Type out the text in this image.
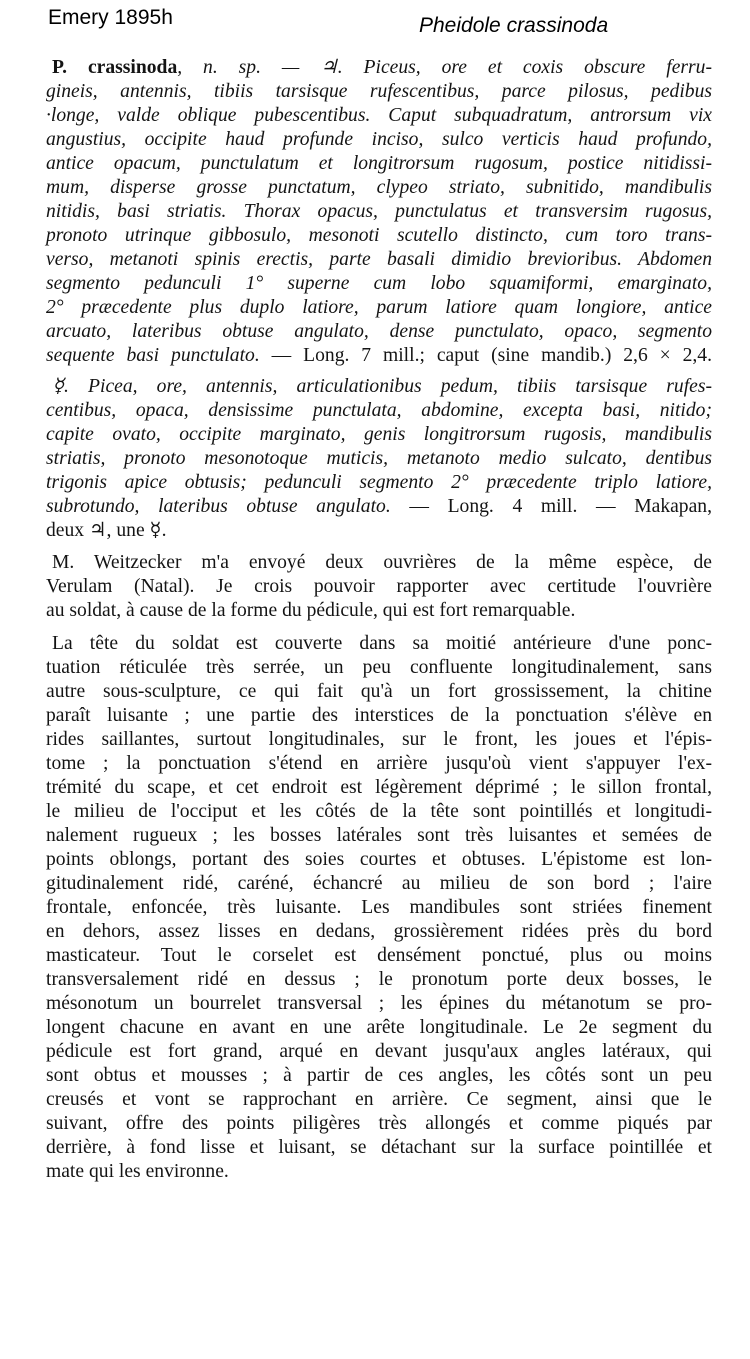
Emery 1895h	Pheidole crassinoda
P. crassinoda, n. sp. — ♃. Piceus, ore et coxis obscure ferru-
gineis, antennis, tibiis tarsisque rufescentibus, parce pilosus, pedibus
·longe, valde oblique pubescentibus. Caput subquadratum, antrorsum vix
angustius, occipite haud profunde inciso, sulco verticis haud profundo,
antice opacum, punctulatum et longitrorsum rugosum, postice nitidissi-
mum, disperse grosse punctatum, clypeo striato, subnitido, mandibulis
nitidis, basi striatis. Thorax opacus, punctulatus et transversim rugosus,
pronoto utrinque gibbosulo, mesonoti scutello distincto, cum toro trans-
verso, metanoti spinis erectis, parte basali dimidio brevioribus. Abdomen
segmento pedunculi 1° superne cum lobo squamiformi, emarginato,
2° præcedente plus duplo latiore, parum latiore quam longiore, antice
arcuato, lateribus obtuse angulato, dense punctulato, opaco, segmento
sequente basi punctulato. — Long. 7 mill.; caput (sine mandib.) 2,6 × 2,4.
☿. Picea, ore, antennis, articulationibus pedum, tibiis tarsisque rufes-
centibus, opaca, densissime punctulata, abdomine, excepta basi, nitido;
capite ovato, occipite marginato, genis longitrorsum rugosis, mandibulis
striatis, pronoto mesonotoque muticis, metanoto medio sulcato, dentibus
trigonis apice obtusis; pedunculi segmento 2° præcedente triplo latiore,
subrotundo, lateribus obtuse angulato. — Long. 4 mill. — Makapan,
deux ♃, une ☿.
M. Weitzecker m'a envoyé deux ouvrières de la même espèce, de
Verulam (Natal). Je crois pouvoir rapporter avec certitude l'ouvrière
au soldat, à cause de la forme du pédicule, qui est fort remarquable.
La tête du soldat est couverte dans sa moitié antérieure d'une ponc-
tuation réticulée très serrée, un peu confluente longitudinalement, sans
autre sous-sculpture, ce qui fait qu'à un fort grossissement, la chitine
paraît luisante ; une partie des interstices de la ponctuation s'élève en
rides saillantes, surtout longitudinales, sur le front, les joues et l'épis-
tome ; la ponctuation s'étend en arrière jusqu'où vient s'appuyer l'ex-
trémité du scape, et cet endroit est légèrement déprimé ; le sillon frontal,
le milieu de l'occiput et les côtés de la tête sont pointillés et longitudi-
nalement rugueux ; les bosses latérales sont très luisantes et semées de
points oblongs, portant des soies courtes et obtuses. L'épistome est lon-
gitudinalement ridé, caréné, échancré au milieu de son bord ; l'aire
frontale, enfoncée, très luisante. Les mandibules sont striées finement
en dehors, assez lisses en dedans, grossièrement ridées près du bord
masticateur. Tout le corselet est densément ponctué, plus ou moins
transversalement ridé en dessus ; le pronotum porte deux bosses, le
mésonotum un bourrelet transversal ; les épines du métanotum se pro-
longent chacune en avant en une arête longitudinale. Le 2e segment du
pédicule est fort grand, arqué en devant jusqu'aux angles latéraux, qui
sont obtus et mousses ; à partir de ces angles, les côtés sont un peu
creusés et vont se rapprochant en arrière. Ce segment, ainsi que le
suivant, offre des points piligères très allongés et comme piqués par
derrière, à fond lisse et luisant, se détachant sur la surface pointillée et
mate qui les environne.
